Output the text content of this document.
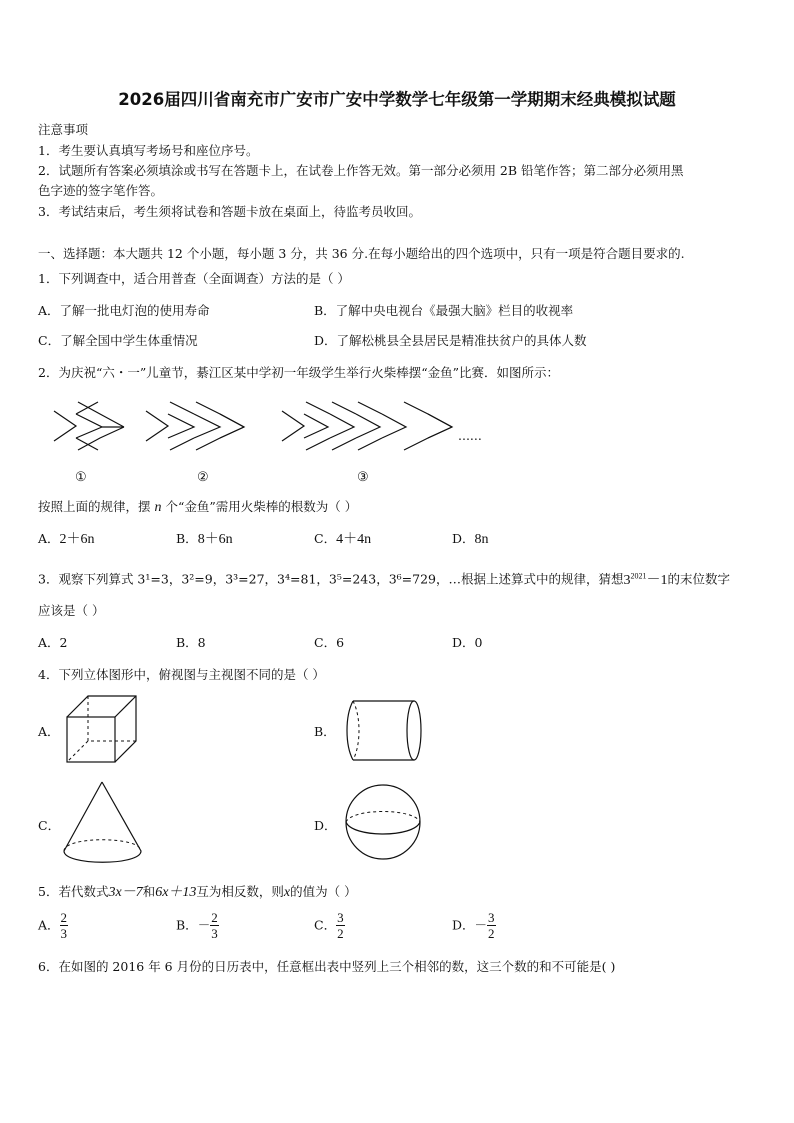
2026届四川省南充市广安市广安中学数学七年级第一学期期末经典模拟试题
注意事项
1．考生要认真填写考场号和座位序号。
2．试题所有答案必须填涂或书写在答题卡上，在试卷上作答无效。第一部分必须用 2B 铅笔作答；第二部分必须用黑
色字迹的签字笔作答。
3．考试结束后，考生须将试卷和答题卡放在桌面上，待监考员收回。
一、选择题：本大题共 12 个小题，每小题 3 分，共 36 分.在每小题给出的四个选项中，只有一项是符合题目要求的.
1．下列调查中，适合用普查（全面调查）方法的是（ ）
A．了解一批电灯泡的使用寿命	B．了解中央电视台《最强大脑》栏目的收视率
C．了解全国中学生体重情况	D．了解松桃县全县居民是精准扶贫户的具体人数
2．为庆祝“六・一”儿童节，綦江区某中学初一年级学生举行火柴棒摆“金鱼”比赛．如图所示：
......
①	②	③
按照上面的规律，摆 n 个“金鱼”需用火柴棒的根数为（ ）
A．2＋6n	B．8＋6n	C．4＋4n	D．8n
3．观察下列算式 3¹=3，3²=9，3³=27，3⁴=81，3⁵=243，3⁶=729，…根据上述算式中的规律，猜想$3^{2021}-1$的末位数字
应该是（ ）
A．2	B．8	C．6	D．0
4．下列立体图形中，俯视图与主视图不同的是（ ）
A．	B．
C．	D．
5．若代数式3x－7和6x＋13互为相反数，则x的值为（ ）
A． $\frac{2}{3}$	B．－ $\frac{2}{3}$	C． $\frac{3}{2}$	D．－ $\frac{3}{2}$
6．在如图的 2016 年 6 月份的日历表中，任意框出表中竖列上三个相邻的数，这三个数的和不可能是( )
